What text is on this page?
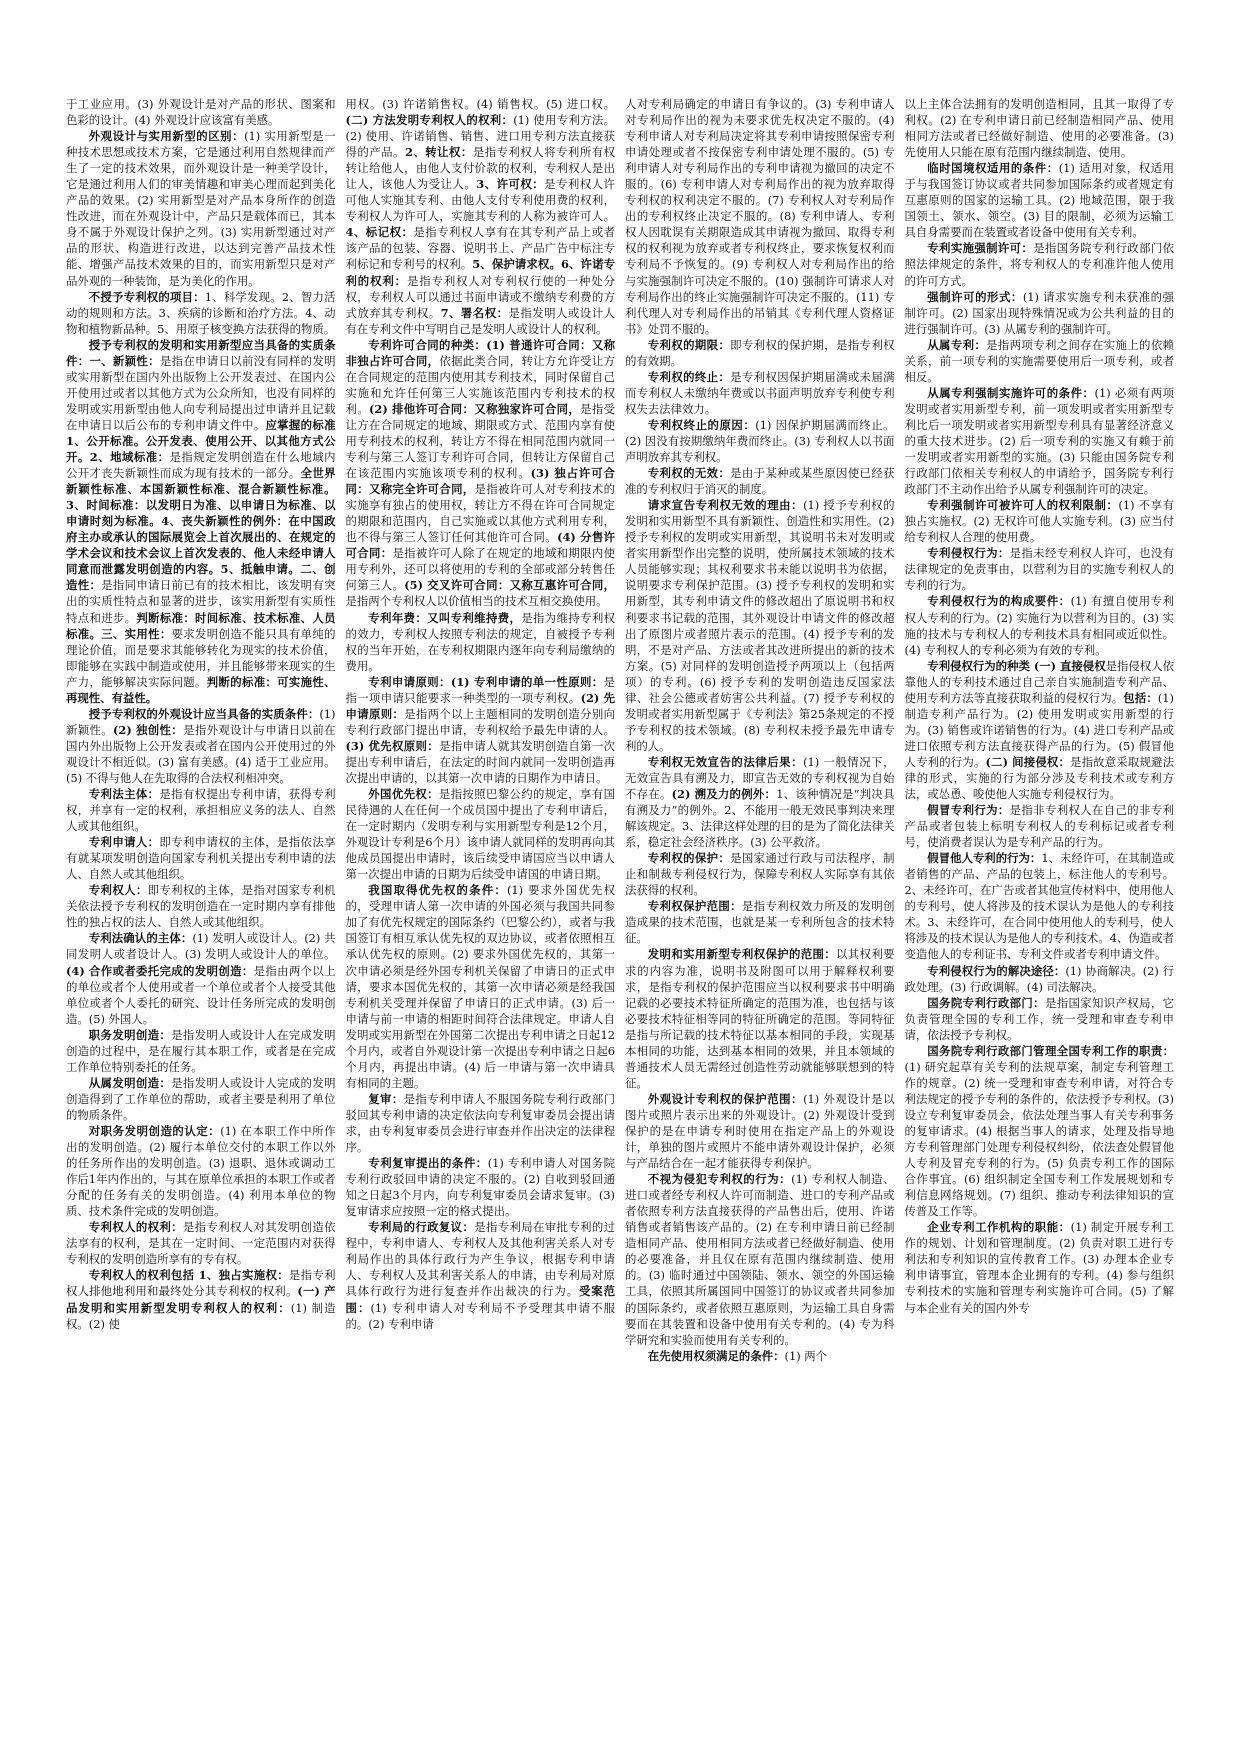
于工业应用。(3) 外观设计是对产品的形状、图案和色彩的设计。(4) 外观设计应该富有美感。

外观设计与实用新型的区别：(1) 实用新型是一种技术思想或技术方案，它是通过利用自然规律而产生了一定的技术效果，而外观设计是一种美学设计，它是通过利用人们的审美情趣和审美心理而起到美化产品的效果。(2) 实用新型是对产品本身所作的创造性改进，而在外观设计中，产品只是载体而已，其本身不属于外观设计保护之列。(3) 实用新型通过对产品的形状、构造进行改进，以达到完善产品技术性能、增强产品技术效果的目的，而实用新型只是对产品外观的一种装饰，是为美化的作用。

不授予专利权的项目：1、科学发现。2、智力活动的规则和方法。3、疾病的诊断和治疗方法。4、动物和植物新品种。5、用原子核变换方法获得的物质。

授予专利权的发明和实用新型应当具备的实质条件：一、新颖性：是指在申请日以前没有同样的发明或实用新型在国内外出版物上公开发表过、在国内公开使用过或者以其他方式为公众所知，也没有同样的发明或实用新型由他人向专利局提出过申请并且记载在申请日以后公布的专利申请文件中。应掌握的标准 1、公开标准。公开发表、使用公开、以其他方式公开。2、地域标准：是指规定发明创造在什么地域内公开才丧失新颖性而成为现有技术的一部分。全世界新颖性标准、本国新颖性标准、混合新颖性标准。3、时间标准：以发明日为准、以申请日为标准、以申请时刻为标准。4、丧失新颖性的例外：在中国政府主办或承认的国际展览会上首次展出的、在规定的学术会议和技术会议上首次发表的、他人未经申请人同意而泄露发明创造的内容。5、抵触申请。二、创造性：是指同申请日前已有的技术相比，该发明有突出的实质性特点和显著的进步，该实用新型有实质性特点和进步。判断标准：时间标准、技术标准、人员标准。三、实用性：要求发明创造不能只具有单纯的理论价值，而是要求其能够转化为现实的技术价值，即能够在实践中制造或使用，并且能够带来现实的生产力，能够解决实际问题。判断的标准：可实施性、再现性、有益性。

授予专利权的外观设计应当具备的实质条件：(1) 新颖性。(2) 独创性：是指外观设计与申请日以前在国内外出版物上公开发表或者在国内公开使用过的外观设计不相近似。(3) 富有美感。(4) 适于工业应用。(5) 不得与他人在先取得的合法权利相冲突。

专利法主体：是指有权提出专利申请，获得专利权，并享有一定的权利，承担相应义务的法人、自然人或其他组织。

专利申请人：即专利申请权的主体，是指依法享有就某项发明创造向国家专利机关提出专利申请的法人、自然人或其他组织。

专利权人：即专利权的主体，是指对国家专利机关依法授予专利权的发明创造在一定时期内享有排他性的独占权的法人、自然人或其他组织。

专利法确认的主体：(1) 发明人或设计人。(2) 共同发明人或者设计人。(3) 发明人或设计人的单位。(4) 合作或者委托完成的发明创造：是指由两个以上的单位或者个人使用或者一个单位或者个人接受其他单位或者个人委托的研究、设计任务所完成的发明创造。(5) 外国人。

职务发明创造：是指发明人或设计人在完成发明创造的过程中，是在履行其本职工作，或者是在完成工作单位特别委托的任务。

从属发明创造：是指发明人或设计人完成的发明创造得到了工作单位的帮助，或者主要是利用了单位的物质条件。

对职务发明创造的认定：(1) 在本职工作中所作出的发明创造。(2) 履行本单位交付的本职工作以外的任务所作出的发明创造。(3) 退职、退休或调动工作后1年内作出的，与其在原单位承担的本职工作或者分配的任务有关的发明创造。(4) 利用本单位的物质、技术条件完成的发明创造。

专利权人的权利：是指专利权人对其发明创造依法享有的权利，是其在一定时间、一定范围内对获得专利权的发明创造所享有的专有权。

专利权人的权利包括 1、独占实施权：是指专利权人排他地利用和最终处分其专利权的权利。(一) 产品发明和实用新型发明专利权人的权利：(1) 制造权。(2) 使

用权。(3) 许诺销售权。(4) 销售权。(5) 进口权。(二) 方法发明专利权人的权利：(1) 使用专利方法。(2) 使用、许诺销售、销售、进口用专利方法直接获得的产品。2、转让权：是指专利权人将专利所有权转让给他人，由他人支付价款的权利，专利权人是出让人，该他人为受让人。3、许可权：是专利权人许可他人实施其专利、由他人支付专利使用费的权利，专利权人为许可人，实施其专利的人称为被许可人。4、标记权：是指专利权人享有在其专利产品上或者该产品的包装、容器、说明书上、产品广告中标注专利标记和专利号的权利。5、保护请求权。6、许诺专利的权利：是指专利权人对专利权行使的一种处分权，专利权人可以通过书面申请或不缴纳专利费的方式放弃其专利权。7、署名权：是指发明人或设计人有在专利文件中写明自己是发明人或设计人的权利。

专利许可合同的种类：(1) 普通许可合同：又称非独占许可合同，依据此类合同，转让方允许受让方在合同规定的范围内使用其专利技术，同时保留自己实施和允许任何第三人实施该范围内专利技术的权利。(2) 排他许可合同：又称独家许可合同，是指受让方在合同规定的地域、期限或方式、范围内享有使用专利技术的权利，转让方不得在相同范围内就同一专利与第三人签订专利许可合同，但转让方保留自己在该范围内实施该项专利的权利。(3) 独占许可合同：又称完全许可合同，是指被许可人对专利技术的实施享有独占的使用权，转让方不得在许可合同规定的期限和范围内，自己实施或以其他方式利用专利，也不得与第三人签订任何其他许可合同。(4) 分售许可合同：是指被许可人除了在规定的地域和期限内使用专利外，还可以将使用的专利的全部或部分转售任何第三人。(5) 交叉许可合同：又称互惠许可合同，是指两个专利权人以价值相当的技术互相交换使用。

专利年费：又叫专利维持费，是指为维持专利权的效力，专利权人按照专利法的规定，自被授予专利权的当年开始，在专利权期限内逐年向专利局缴纳的费用。

专利申请原则：(1) 专利申请的单一性原则：是指一项申请只能要求一种类型的一项专利权。(2) 先申请原则：是指两个以上主题相同的发明创造分别向专利行政部门提出申请，专利权给予最先申请的人。(3) 优先权原则：是指申请人就其发明创造自第一次提出专利申请后，在法定的时间内就同一发明创造再次提出申请的，以其第一次申请的日期作为申请日。

外国优先权：是指按照巴黎公约的规定，享有国民待遇的人在任何一个成员国中提出了专利申请后，在一定时期内（发明专利与实用新型专利是12个月，外观设计专利是6个月）该申请人就同样的发明再向其他成员国提出申请时，该后续受申请国应当以申请人第一次提出申请的日期为后续受申请国的申请日期。

我国取得优先权的条件：(1) 要求外国优先权的，受理申请人第一次申请的外国必须与我国共同参加了有优先权规定的国际条约（巴黎公约），或者与我国签订有相互承认优先权的双边协议，或者依照相互承认优先权的原则。(2) 要求外国优先权的，其第一次申请必须是经外国专利机关保留了申请日的正式申请，要求本国优先权的，其第一次申请必须是经我国专利机关受理并保留了申请日的正式申请。(3) 后一申请与前一申请的相距时间符合法律规定。申请人自发明或实用新型在外国第二次提出专利申请之日起12个月内，或者自外观设计第一次提出专利申请之日起6个月内，再提出申请。(4) 后一申请与第一次申请具有相同的主题。

复审：是指专利申请人不服国务院专利行政部门驳回其专利申请的决定依法向专利复审委员会提出请求，由专利复审委员会进行审查并作出决定的法律程序。

专利复审提出的条件：(1) 专利申请人对国务院专利行政驳回申请的决定不服的。(2) 自收到驳回通知之日起3个月内，向专利复审委员会请求复审。(3) 复审请求应按照一定的格式提出。

专利局的行政复议：是指专利局在审批专利的过程中，专利申请人、专利权人及其他利害关系人对专利局作出的具体行政行为产生争议，根据专利申请人、专利权人及其利害关系人的申请，由专利局对原具体行政行为进行复查并作出裁决的行为。受案范围：(1) 专利申请人对专利局不予受理其申请不服的。(2) 专利申请

人对专利局确定的申请日有争议的。(3) 专利申请人对专利局作出的视为未要求优先权决定不服的。(4) 专利申请人对专利局决定将其专利申请按照保密专利申请处理或者不按保密专利申请处理不服的。(5) 专利申请人对专利局作出的专利申请视为撤回的决定不服的。(6) 专利申请人对专利局作出的视为放弃取得专利权的权利决定不服的。(7) 专利权人对专利局作出的专利权终止决定不服的。(8) 专利申请人、专利权人因耽误有关期限造成其申请视为撤回、取得专利权的权利视为放弃或者专利权终止，要求恢复权利而专利局不予恢复的。(9) 专利权人对专利局作出的给与实施强制许可决定不服的。(10) 强制许可请求人对专利局作出的终止实施强制许可决定不服的。(11) 专利代理人对专利局作出的吊销其《专利代理人资格证书》处罚不服的。

专利权的期限：即专利权的保护期，是指专利权的有效期。

专利权的终止：是专利权因保护期届满或未届满而专利权人未缴纳年费或以书面声明放弃专利使专利权失去法律效力。

专利权终止的原因：(1) 因保护期届满而终止。(2) 因没有按期缴纳年费而终止。(3) 专利权人以书面声明放弃其专利权。

专利权的无效：是由于某种或某些原因使已经获准的专利权归于消灭的制度。

请求宣告专利权无效的理由：(1) 授予专利权的发明和实用新型不具有新颖性、创造性和实用性。(2) 授予专利权的发明或实用新型，其说明书未对发明或者实用新型作出完整的说明，使所属技术领域的技术人员能够实现；其权利要求书未能以说明书为依据，说明要求专利保护范围。(3) 授予专利权的发明和实用新型，其专利申请文件的修改超出了原说明书和权利要求书记载的范围，其外观设计申请文件的修改超出了原图片或者照片表示的范围。(4) 授予专利的发明，不是对产品、方法或者其改进所提出的新的技术方案。(5) 对同样的发明创造授予两项以上（包括两项）的专利。(6) 授予专利的发明创造违反国家法律、社会公德或者妨害公共利益。(7) 授予专利权的发明或者实用新型属于《专利法》第25条规定的不授予专利权的技术领域。(8) 专利权未授予最先申请专利的人。

专利权无效宣告的法律后果：(1) 一般情况下，无效宣告具有溯及力，即宣告无效的专利权视为自始不存在。(2) 溯及力的例外：1、该种情况是“判决具有溯及力”的例外。2、不能用一般无效民事判决来理解该规定。3、法律这样处理的目的是为了简化法律关系，稳定社会经济秩序。(3) 公平救济。

专利权的保护：是国家通过行政与司法程序，制止和制裁专利侵权行为，保障专利权人实际享有其依法获得的权利。

专利权保护范围：是指专利权效力所及的发明创造成果的技术范围，也就是某一专利所包含的技术特征。

发明和实用新型专利权保护的范围：以其权利要求的内容为准，说明书及附图可以用于解释权利要求，是指专利权的保护范围应当以权利要求书中明确记载的必要技术特征所确定的范围为准，也包括与该必要技术特征相等同的特征所确定的范围。等同特征是指与所记载的技术特征以基本相同的手段，实现基本相同的功能，达到基本相同的效果，并且本领域的普通技术人员无需经过创造性劳动就能够联想到的特征。

外观设计专利权的保护范围：(1) 外观设计是以图片或照片表示出来的外观设计。(2) 外观设计受到保护的是在申请专利时使用在指定产品上的外观设计，单独的图片或照片不能申请外观设计保护，必须与产品结合在一起才能获得专利保护。

不视为侵犯专利权的行为：(1) 专利权人制造、进口或者经专利权人许可而制造、进口的专利产品或者依照专利方法直接获得的产品售出后，使用、许诺销售或者销售该产品的。(2) 在专利申请日前已经制造相同产品、使用相同方法或者已经做好制造、使用的必要准备，并且仅在原有范围内继续制造、使用的。(3) 临时通过中国领陆、领水、领空的外国运输工具，依照其所属国同中国签订的协议或者共同参加的国际条约，或者依照互惠原则，为运输工具自身需要而在其装置和设备中使用有关专利的。(4) 专为科学研究和实验而使用有关专利的。

在先使用权须满足的条件：(1) 两个

以上主体合法拥有的发明创造相同，且其一取得了专利权。(2) 在专利申请日前已经制造相同产品、使用相同方法或者已经做好制造、使用的必要准备。(3) 先使用人只能在原有范围内继续制造、使用。

临时国境权适用的条件：(1) 适用对象，权适用于与我国签订协议或者共同参加国际条约或者规定有互惠原则的国家的运输工具。(2) 地域范围，限于我国领土、领水、领空。(3) 目的限制，必须为运输工具自身需要而在装置或者设备中使用有关专利。

专利实施强制许可：是指国务院专利行政部门依照法律规定的条件，将专利权人的专利准许他人使用的许可方式。

强制许可的形式：(1) 请求实施专利未获准的强制许可。(2) 国家出现特殊情况或为公共利益的目的进行强制许可。(3) 从属专利的强制许可。

从属专利：是指两项专利之间存在实施上的依赖关系，前一项专利的实施需要使用后一项专利，或者相反。

从属专利强制实施许可的条件：(1) 必须有两项发明或者实用新型专利，前一项发明或者实用新型专利比后一项发明或者实用新型专利具有显著经济意义的重大技术进步。(2) 后一项专利的实施又有赖于前一发明或者实用新型的实施。(3) 只能由国务院专利行政部门依相关专利权人的申请给予，国务院专利行政部门不主动作出给予从属专利强制许可的决定。

专利强制许可被许可人的权利限制：(1) 不享有独占实施权。(2) 无权许可他人实施专利。(3) 应当付给专利权人合理的使用费。

专利侵权行为：是指未经专利权人许可，也没有法律规定的免责事由，以营利为目的实施专利权人的专利的行为。

专利侵权行为的构成要件：(1) 有擅自使用专利权人专利的行为。(2) 实施行为以营利为目的。(3) 实施的技术与专利权人的专利技术具有相同或近似性。(4) 专利权人的专利必须为有效的专利。

专利侵权行为的种类 (一) 直接侵权是指侵权人依靠他人的专利技术通过自己亲自实施制造专利产品、使用专利方法等直接获取利益的侵权行为。包括：(1) 制造专利产品行为。(2) 使用发明或实用新型的行为。(3) 销售或许诺销售的行为。(4) 进口专利产品或进口依照专利方法直接获得产品的行为。(5) 假冒他人专利的行为。(二) 间接侵权：是指故意采取规避法律的形式，实施的行为部分涉及专利技术或专利方法，或怂恿、唆使他人实施专利侵权行为。

假冒专利行为：是指非专利权人在自己的非专利产品或者包装上标明专利权人的专利标记或者专利号，使消费者误认为是专利产品的行为。

假冒他人专利的行为：1、未经许可，在其制造或者销售的产品、产品的包装上，标注他人的专利号。2、未经许可，在广告或者其他宣传材料中，使用他人的专利号，使人将涉及的技术误认为是他人的专利技术。3、未经许可，在合同中使用他人的专利号，使人将涉及的技术误认为是他人的专利技术。4、伪造或者变造他人的专利证书、专利文件或者专利申请文件。

专利侵权行为的解决途径：(1) 协商解决。(2) 行政处理。(3) 行政调解。(4) 司法解决。

国务院专利行政部门：是指国家知识产权局，它负责管理全国的专利工作，统一受理和审查专利申请，依法授予专利权。

国务院专利行政部门管理全国专利工作的职责：(1) 研究起草有关专利的法规草案，制定专利管理工作的规章。(2) 统一受理和审查专利申请，对符合专利法规定的授予专利的条件的，依法授予专利权。(3) 设立专利复审委员会，依法处理当事人有关专利事务的复审请求。(4) 根据当事人的请求，处理及指导地方专利管理部门处理专利侵权纠纷，依法查处假冒他人专利及冒充专利的行为。(5) 负责专利工作的国际合作事宜。(6) 组织制定全国专利工作发展规划和专利信息网络规划。(7) 组织、推动专利法律知识的宣传普及工作等。

企业专利工作机构的职能：(1) 制定开展专利工作的规划、计划和管理制度。(2) 负责对职工进行专利法和专利知识的宣传教育工作。(3) 办理本企业专利申请事宜，管理本企业拥有的专利。(4) 参与组织专利技术的实施和管理专利实施许可合同。(5) 了解与本企业有关的国内外专
